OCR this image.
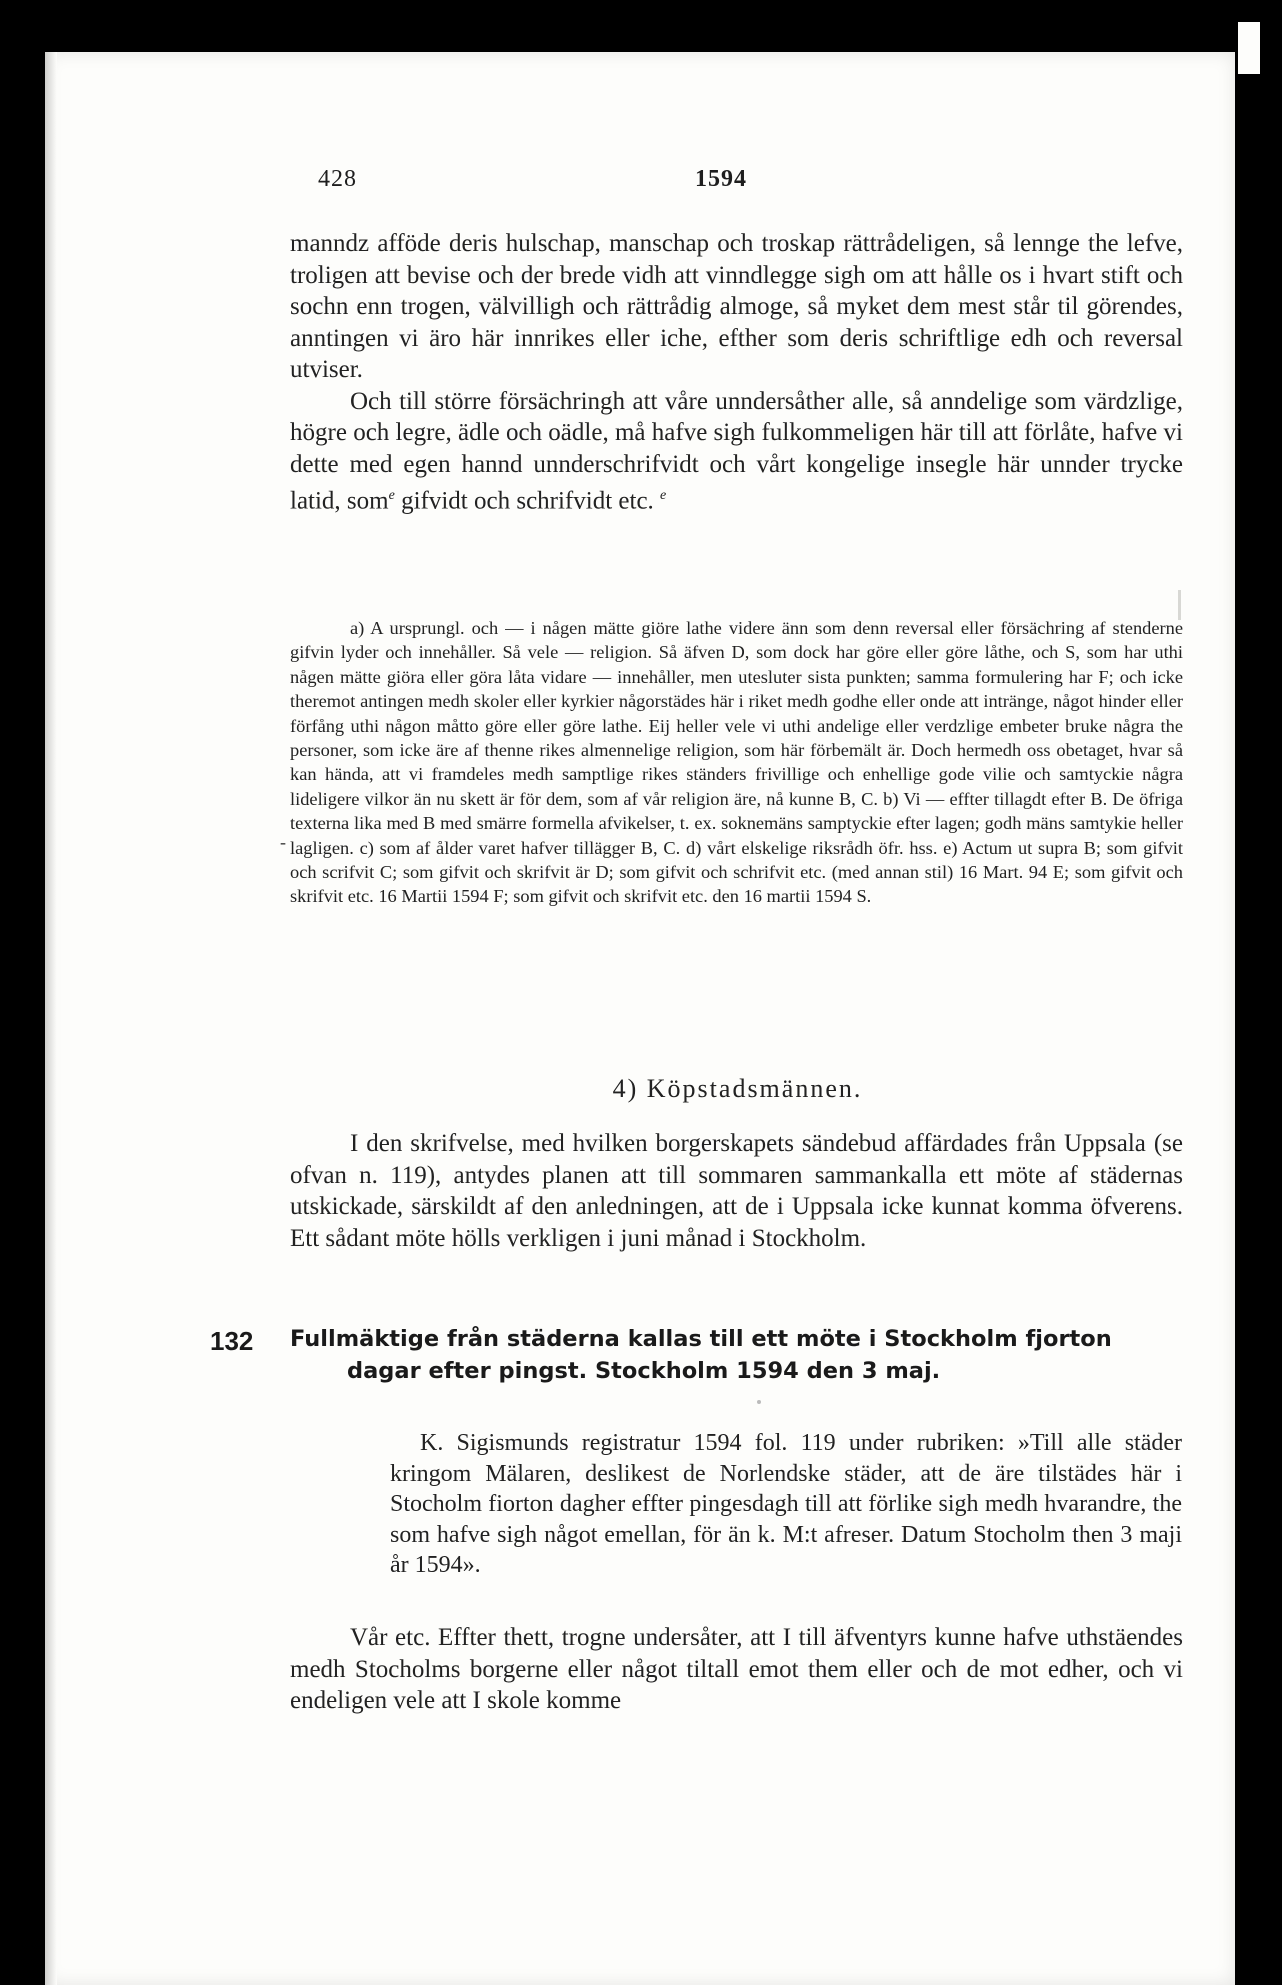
428	1594

manndz afföde deris hulschap, manschap och troskap rättrådeligen, så lennge the lefve, troligen att bevise och der brede vidh att vinndlegge sigh om att hålle os i hvart stift och sochn enn trogen, välvilligh och rättrådig almoge, så myket dem mest står til görendes, anntingen vi äro här innrikes eller iche, efther som deris schriftlige edh och reversal utviser.

Och till större försächringh att våre unndersåther alle, så anndelige som värdzlige, högre och legre, ädle och oädle, må hafve sigh fulkommeligen här till att förlåte, hafve vi dette med egen hannd unnderschrifvidt och vårt kongelige insegle här unnder trycke latid, som$^e$ gifvidt och schrifvidt etc. $^e$

a) A ursprungl. och — i någen mätte giöre lathe videre änn som denn reversal eller försächring af stenderne gifvin lyder och innehåller. Så vele — religion. Så äfven D, som dock har göre eller göre låthe, och S, som har uthi någen mätte giöra eller göra låta vidare — innehåller, men utesluter sista punkten; samma formulering har F; och icke theremot antingen medh skoler eller kyrkier någorstädes här i riket medh godhe eller onde att intränge, något hinder eller förfång uthi någon måtto göre eller göre lathe. Eij heller vele vi uthi andelige eller verdzlige embeter bruke några the personer, som icke äre af thenne rikes almennelige religion, som här förbemält är. Doch hermedh oss obetaget, hvar så kan hända, att vi framdeles medh samptlige rikes ständers frivillige och enhellige gode vilie och samtyckie några lideligere vilkor än nu skett är för dem, som af vår religion äre, nå kunne B, C. b) Vi — effter tillagdt efter B. De öfriga texterna lika med B med smärre formella afvikelser, t. ex. soknemäns samptyckie efter lagen; godh mäns samtykie heller lagligen. c) som af ålder varet hafver tillägger B, C. d) vårt elskelige riksrådh öfr. hss. e) Actum ut supra B; som gifvit och scrifvit C; som gifvit och skrifvit är D; som gifvit och schrifvit etc. (med annan stil) 16 Mart. 94 E; som gifvit och skrifvit etc. 16 Martii 1594 F; som gifvit och skrifvit etc. den 16 martii 1594 S.

4) Köpstadsmännen.

I den skrifvelse, med hvilken borgerskapets sändebud affärdades från Uppsala (se ofvan n. 119), antydes planen att till sommaren sammankalla ett möte af städernas utskickade, särskildt af den anledningen, att de i Uppsala icke kunnat komma öfverens. Ett sådant möte hölls verkligen i juni månad i Stockholm.

-
132 Fullmäktige från städerna kallas till ett möte i Stockholm fjorton
dagar efter pingst. Stockholm 1594 den 3 maj.

K. Sigismunds registratur 1594 fol. 119 under rubriken: »Till alle städer kringom Mälaren, deslikest de Norlendske städer, att de äre tilstädes här i Stocholm fiorton dagher effter pingesdagh till att förlike sigh medh hvarandre, the som hafve sigh något emellan, för än k. M:t afreser. Datum Stocholm then 3 maji år 1594».

Vår etc. Effter thett, trogne undersåter, att I till äfventyrs kunne hafve uthstäendes medh Stocholms borgerne eller något tiltall emot them eller och de mot edher, och vi endeligen vele att I skole komme
